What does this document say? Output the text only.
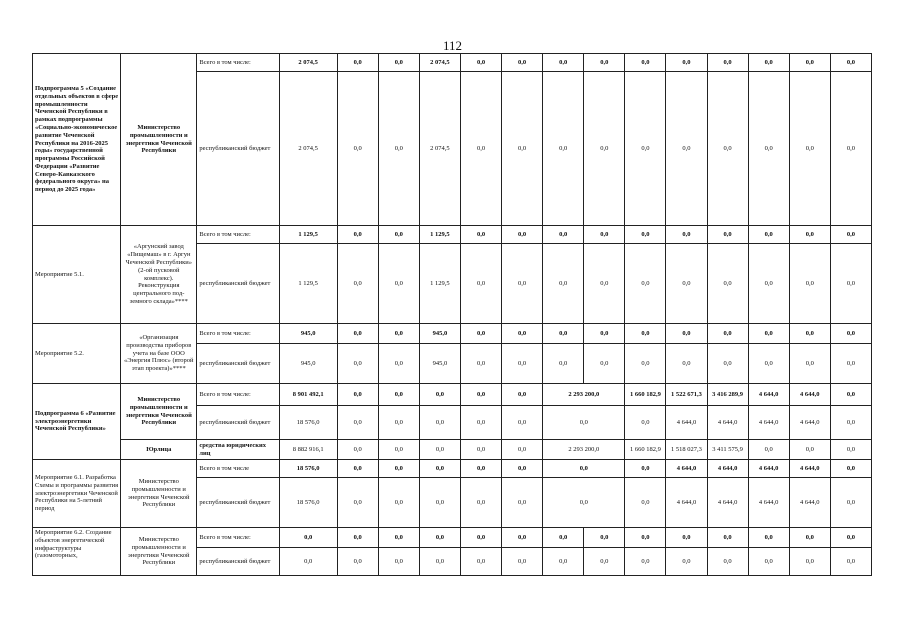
112
Подпрограмма 5 «Создание отдельных объектов в сфере промышленности Чеченской Республики в рамках подпрограммы «Социально-экономическое развитие Чеченской Республики на 2016-2025 годы» государственной программы Российской Федерации «Развитие Северо-Кавказского федерального округа» на период до 2025 года»	Министерство промышленности и энергетики Чеченской Республики	Всего в том числе:	2 074,5	0,0	0,0	2 074,5	0,0	0,0	0,0	0,0	0,0	0,0	0,0	0,0	0,0	0,0
		республиканский бюджет	2 074,5	0,0	0,0	2 074,5	0,0	0,0	0,0	0,0	0,0	0,0	0,0	0,0	0,0	0,0
Мероприятие 5.1.	«Аргунский завод «Пищемаш» в г. Аргун Чеченской Республики» (2-ой пусковой комплекс). Реконструкция центрального под-земного склада»****	Всего в том числе:	1 129,5	0,0	0,0	1 129,5	0,0	0,0	0,0	0,0	0,0	0,0	0,0	0,0	0,0	0,0
		республиканский бюджет	1 129,5	0,0	0,0	1 129,5	0,0	0,0	0,0	0,0	0,0	0,0	0,0	0,0	0,0	0,0
Мероприятие 5.2.	«Организация производства приборов учета на базе ООО «Энергия Плюс» (второй этап проекта)»****	Всего в том числе:	945,0	0,0	0,0	945,0	0,0	0,0	0,0	0,0	0,0	0,0	0,0	0,0	0,0	0,0
		республиканский бюджет	945,0	0,0	0,0	945,0	0,0	0,0	0,0	0,0	0,0	0,0	0,0	0,0	0,0	0,0
Подпрограмма 6 «Развитие электроэнергетики Чеченской Республики»	Министерство промышленности и энергетики Чеченской Республики	Всего в том числе:	8 901 492,1	0,0	0,0	0,0	0,0	0,0	2 293 200,0		1 660 182,9	1 522 671,3	3 416 289,9	4 644,0	4 644,0	0,0
		республиканский бюджет	18 576,0	0,0	0,0	0,0	0,0	0,0	0,0		0,0	4 644,0	4 644,0	4 644,0	4 644,0	0,0
	Юрлица	средства юридических лиц	8 882 916,1	0,0	0,0	0,0	0,0	0,0	2 293 200,0		1 660 182,9	1 518 027,3	3 411 575,9	0,0	0,0	0,0
Мероприятие 6.1. Разработка Схемы и программы развития электроэнергетики Чеченской Республики на 5-летний период	Министерство промышленности и энергетики Чеченской Республики	Всего в том числе	18 576,0	0,0	0,0	0,0	0,0	0,0	0,0		0,0	4 644,0	4 644,0	4 644,0	4 644,0	0,0
		республиканский бюджет	18 576,0	0,0	0,0	0,0	0,0	0,0	0,0		0,0	4 644,0	4 644,0	4 644,0	4 644,0	0,0
Мероприятие 6.2. Создание объектов энергетической инфраструктуры (газомоторных,	Министерство промышленности и энергетики Чеченской Республики	Всего в том числе:	0,0	0,0	0,0	0,0	0,0	0,0	0,0	0,0	0,0	0,0	0,0	0,0	0,0	0,0
		республиканский бюджет	0,0	0,0	0,0	0,0	0,0	0,0	0,0	0,0	0,0	0,0	0,0	0,0	0,0	0,0
